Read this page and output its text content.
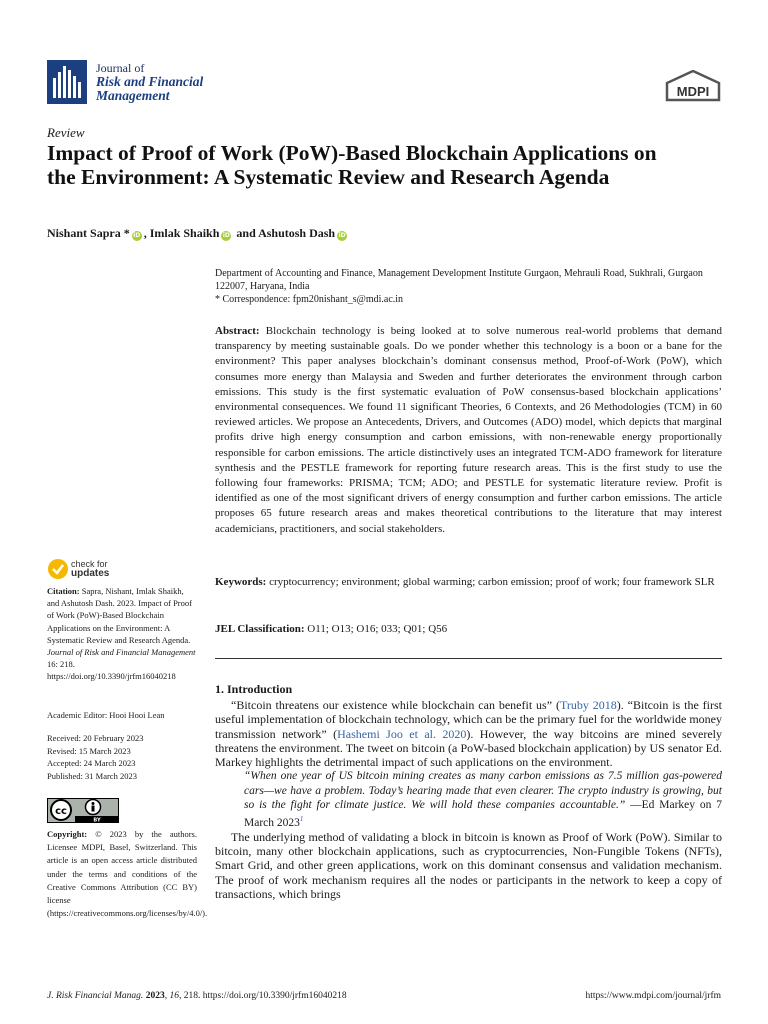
Journal of
Risk and Financial
Management	MDPI
Review
Impact of Proof of Work (PoW)-Based Blockchain Applications on the Environment: A Systematic Review and Research Agenda
Nishant Sapra * iD , Imlak Shaikh iD and Ashutosh Dash iD
Department of Accounting and Finance, Management Development Institute Gurgaon, Mehrauli Road, Sukhrali, Gurgaon 122007, Haryana, India
* Correspondence: fpm20nishant_s@mdi.ac.in
Abstract: Blockchain technology is being looked at to solve numerous real-world problems that demand transparency by meeting sustainable goals. Do we ponder whether this technology is a boon or a bane for the environment? This paper analyses blockchain’s dominant consensus method, Proof-of-Work (PoW), which consumes more energy than Malaysia and Sweden and further deteriorates the environment through carbon emissions. This study is the first systematic evaluation of PoW consensus-based blockchain applications’ environmental consequences. We found 11 significant Theories, 6 Contexts, and 26 Methodologies (TCM) in 60 reviewed articles. We propose an Antecedents, Drivers, and Outcomes (ADO) model, which depicts that marginal profits drive high energy consumption and carbon emissions, with non-renewable energy proportionally responsible for carbon emissions. The article distinctively uses an integrated TCM-ADO framework for literature synthesis and the PESTLE framework for reporting future research areas. This is the first study to use the following four frameworks: PRISMA; TCM; ADO; and PESTLE for systematic literature review. Profit is identified as one of the most significant drivers of energy consumption and further carbon emissions. The article proposes 65 future research areas and makes theoretical contributions to the literature that may interest academicians, practitioners, and social stakeholders.
Keywords: cryptocurrency; environment; global warming; carbon emission; proof of work; four framework SLR
JEL Classification: O11; O13; O16; 033; Q01; Q56
1. Introduction

“Bitcoin threatens our existence while blockchain can benefit us” (Truby 2018). “Bitcoin is the first useful implementation of blockchain technology, which can be the primary fuel for the worldwide money transmission network” (Hashemi Joo et al. 2020). However, the way bitcoins are mined severely threatens the environment. The tweet on bitcoin (a PoW-based blockchain application) by US senator Ed. Markey highlights the detrimental impact of such applications on the environment.

“When one year of US bitcoin mining creates as many carbon emissions as 7.5 million gas-powered cars—we have a problem. Today’s hearing made that even clearer. The crypto industry is growing, but so is the fight for climate justice. We will hold these companies accountable.” —Ed Markey on 7 March 2023$^1$

The underlying method of validating a block in bitcoin is known as Proof of Work (PoW). Similar to bitcoin, many other blockchain applications, such as cryptocurrencies, Non-Fungible Tokens (NFTs), Smart Grid, and other green applications, work on this dominant consensus and validation mechanism. The proof of work mechanism requires all the nodes or participants in the network to keep a copy of transactions, which brings

check for
updates
Citation: Sapra, Nishant, Imlak Shaikh, and Ashutosh Dash. 2023. Impact of Proof of Work (PoW)-Based Blockchain Applications on the Environment: A Systematic Review and Research Agenda. Journal of Risk and Financial Management 16: 218. https://doi.org/10.3390/jrfm16040218
Academic Editor: Hooi Hooi Lean
Received: 20 February 2023
Revised: 15 March 2023
Accepted: 24 March 2023
Published: 31 March 2023
cc
BY
Copyright: © 2023 by the authors. Licensee MDPI, Basel, Switzerland. This article is an open access article distributed under the terms and conditions of the Creative Commons Attribution (CC BY) license (https://creativecommons.org/licenses/by/4.0/).
J. Risk Financial Manag. 2023, 16, 218. https://doi.org/10.3390/jrfm16040218	https://www.mdpi.com/journal/jrfm
